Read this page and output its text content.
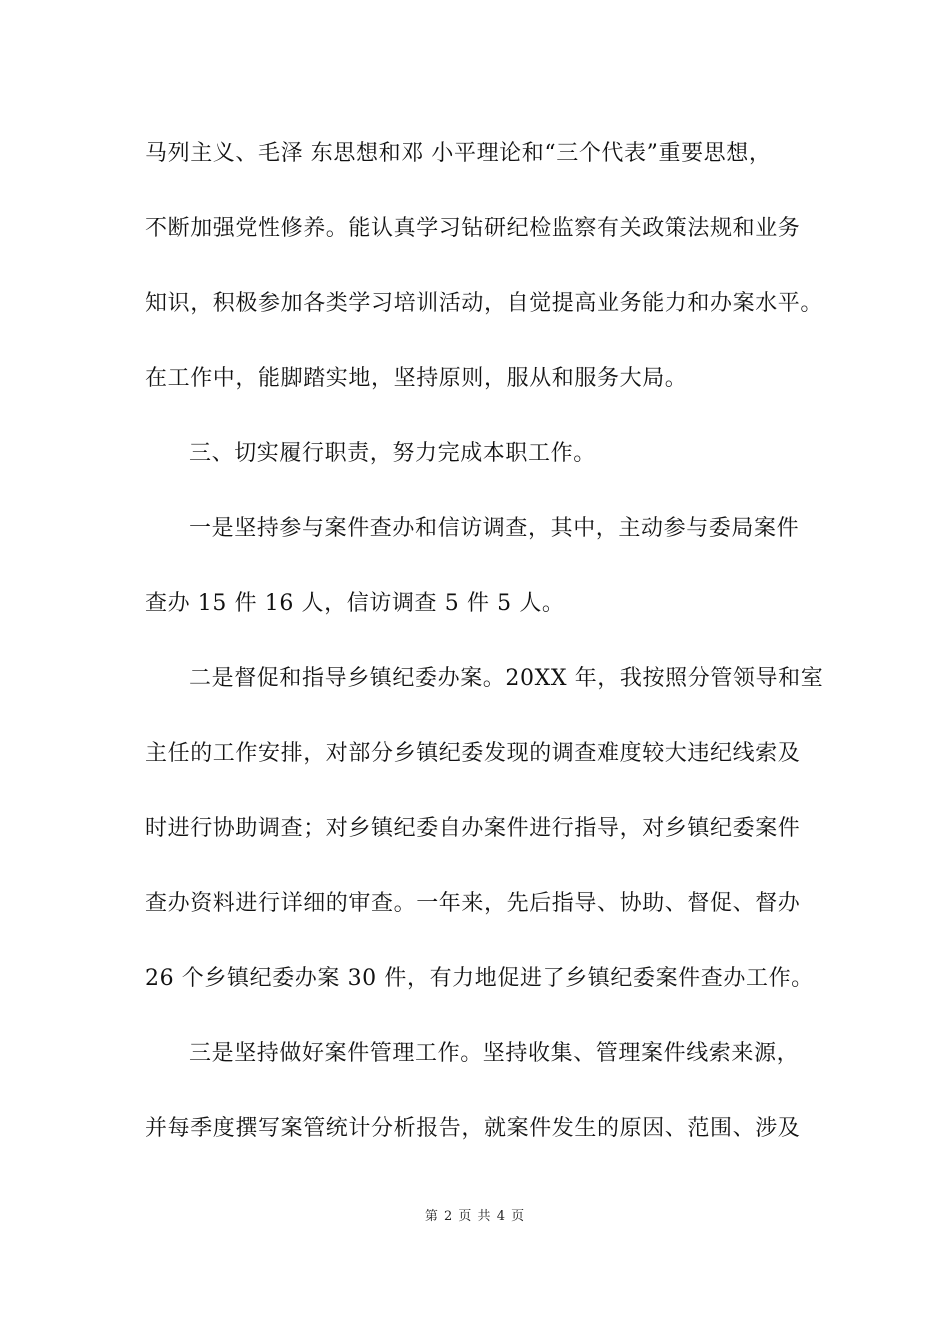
马列主义、毛泽 东思想和邓 小平理论和“三个代表”重要思想，
不断加强党性修养。能认真学习钻研纪检监察有关政策法规和业务
知识，积极参加各类学习培训活动，自觉提高业务能力和办案水平。
在工作中，能脚踏实地，坚持原则，服从和服务大局。
三、切实履行职责，努力完成本职工作。
一是坚持参与案件查办和信访调查，其中，主动参与委局案件
查办 15 件 16 人，信访调查 5 件 5 人。
二是督促和指导乡镇纪委办案。20XX 年，我按照分管领导和室
主任的工作安排，对部分乡镇纪委发现的调查难度较大违纪线索及
时进行协助调查；对乡镇纪委自办案件进行指导，对乡镇纪委案件
查办资料进行详细的审查。一年来，先后指导、协助、督促、督办
26 个乡镇纪委办案 30 件，有力地促进了乡镇纪委案件查办工作。
三是坚持做好案件管理工作。坚持收集、管理案件线索来源，
并每季度撰写案管统计分析报告，就案件发生的原因、范围、涉及
第 2 页 共 4 页
